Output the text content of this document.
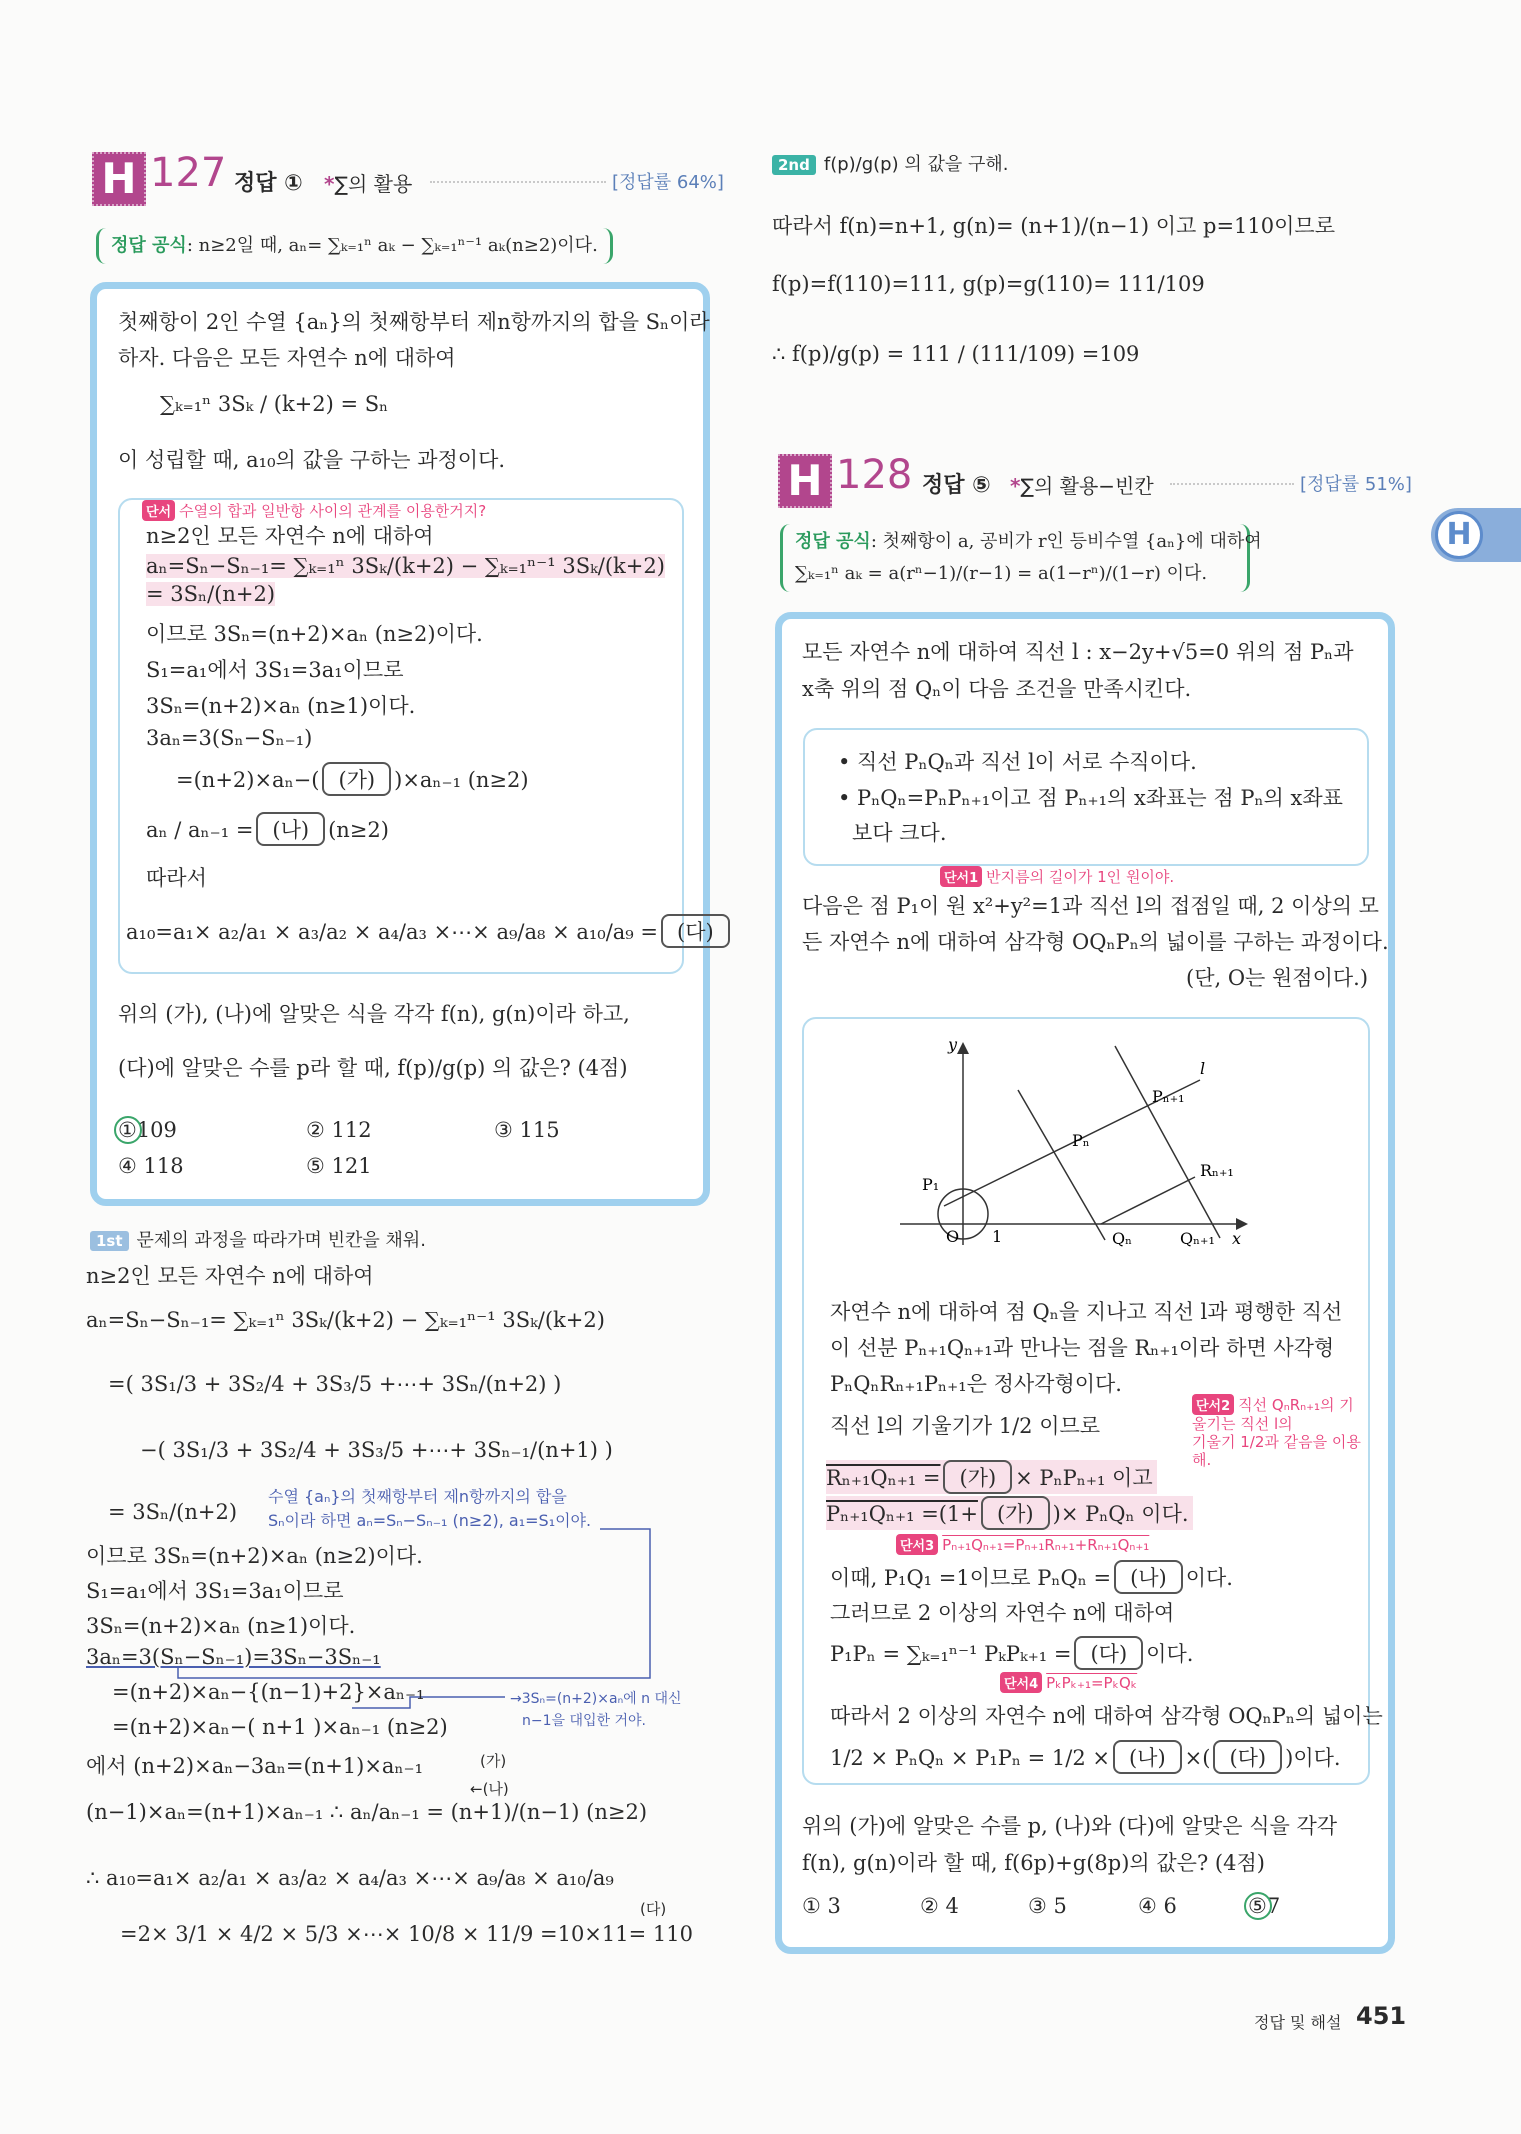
H 127 정답 ① *∑의 활용	[정답률 64%]
정답 공식: n≥2일 때, aₙ= ∑ₖ₌₁ⁿ aₖ − ∑ₖ₌₁ⁿ⁻¹ aₖ(n≥2)이다.
첫째항이 2인 수열 {aₙ}의 첫째항부터 제n항까지의 합을 Sₙ이라
하자. 다음은 모든 자연수 n에 대하여
∑ₖ₌₁ⁿ 3Sₖ / (k+2) = Sₙ
이 성립할 때, a₁₀의 값을 구하는 과정이다.
단서 수열의 합과 일반항 사이의 관계를 이용한거지?
n≥2인 모든 자연수 n에 대하여
aₙ=Sₙ−Sₙ₋₁= ∑ₖ₌₁ⁿ 3Sₖ/(k+2) − ∑ₖ₌₁ⁿ⁻¹ 3Sₖ/(k+2) = 3Sₙ/(n+2)
이므로 3Sₙ=(n+2)×aₙ (n≥2)이다.
S₁=a₁에서 3S₁=3a₁이므로
3Sₙ=(n+2)×aₙ (n≥1)이다.
3aₙ=3(Sₙ−Sₙ₋₁)
=(n+2)×aₙ−( (가) )×aₙ₋₁ (n≥2)
aₙ / aₙ₋₁ = (나) (n≥2)
따라서
a₁₀=a₁× a₂/a₁ × a₃/a₂ × a₄/a₃ ×⋯× a₉/a₈ × a₁₀/a₉ = (다)
위의 (가), (나)에 알맞은 식을 각각 f(n), g(n)이라 하고,
(다)에 알맞은 수를 p라 할 때, f(p)/g(p) 의 값은? (4점)
①109	② 112	③ 115
④ 118	⑤ 121
1st 문제의 과정을 따라가며 빈칸을 채워.
n≥2인 모든 자연수 n에 대하여
aₙ=Sₙ−Sₙ₋₁= ∑ₖ₌₁ⁿ 3Sₖ/(k+2) − ∑ₖ₌₁ⁿ⁻¹ 3Sₖ/(k+2)
=( 3S₁/3 + 3S₂/4 + 3S₃/5 +⋯+ 3Sₙ/(n+2) )
−( 3S₁/3 + 3S₂/4 + 3S₃/5 +⋯+ 3Sₙ₋₁/(n+1) )
= 3Sₙ/(n+2)
수열 {aₙ}의 첫째항부터 제n항까지의 합을
Sₙ이라 하면 aₙ=Sₙ−Sₙ₋₁ (n≥2), a₁=S₁이야.
이므로 3Sₙ=(n+2)×aₙ (n≥2)이다.
S₁=a₁에서 3S₁=3a₁이므로
3Sₙ=(n+2)×aₙ (n≥1)이다.
3aₙ=3(Sₙ−Sₙ₋₁)=3Sₙ−3Sₙ₋₁
=(n+2)×aₙ−{(n−1)+2}×aₙ₋₁	→3Sₙ=(n+2)×aₙ에 n 대신
n−1을 대입한 거야.
=(n+2)×aₙ−( n+1 )×aₙ₋₁ (n≥2)
에서 (n+2)×aₙ−3aₙ=(n+1)×aₙ₋₁	(가)
←(나)
(n−1)×aₙ=(n+1)×aₙ₋₁ ∴ aₙ/aₙ₋₁ = (n+1)/(n−1) (n≥2)
∴ a₁₀=a₁× a₂/a₁ × a₃/a₂ × a₄/a₃ ×⋯× a₉/a₈ × a₁₀/a₉
(다)
=2× 3/1 × 4/2 × 5/3 ×⋯× 10/8 × 11/9 =10×11= 110
2nd f(p)/g(p) 의 값을 구해.
따라서 f(n)=n+1, g(n)= (n+1)/(n−1) 이고 p=110이므로
f(p)=f(110)=111, g(p)=g(110)= 111/109
∴ f(p)/g(p) = 111 / (111/109) =109
H 128 정답 ⑤ *∑의 활용−빈칸	[정답률 51%]
정답 공식: 첫째항이 a, 공비가 r인 등비수열 {aₙ}에 대하여
∑ₖ₌₁ⁿ aₖ = a(rⁿ−1)/(r−1) = a(1−rⁿ)/(1−r) 이다.
H
모든 자연수 n에 대하여 직선 l : x−2y+√5=0 위의 점 Pₙ과
x축 위의 점 Qₙ이 다음 조건을 만족시킨다.
• 직선 PₙQₙ과 직선 l이 서로 수직이다.
• PₙQₙ=PₙPₙ₊₁이고 점 Pₙ₊₁의 x좌표는 점 Pₙ의 x좌표
보다 크다.
단서1 반지름의 길이가 1인 원이야.
다음은 점 P₁이 원 x²+y²=1과 직선 l의 접점일 때, 2 이상의 모
든 자연수 n에 대하여 삼각형 OQₙPₙ의 넓이를 구하는 과정이다.
(단, O는 원점이다.)
y
x
l
O 1
P₁
Pₙ
Pₙ₊₁
Rₙ₊₁
Qₙ	Qₙ₊₁
자연수 n에 대하여 점 Qₙ을 지나고 직선 l과 평행한 직선
이 선분 Pₙ₊₁Qₙ₊₁과 만나는 점을 Rₙ₊₁이라 하면 사각형
PₙQₙRₙ₊₁Pₙ₊₁은 정사각형이다.
직선 l의 기울기가 1/2 이므로
단서2 직선 QₙRₙ₊₁의 기울기는 직선 l의
기울기 1/2과 같음을 이용해.
Rₙ₊₁Qₙ₊₁ = (가) × PₙPₙ₊₁ 이고
Pₙ₊₁Qₙ₊₁ =(1+ (가) )× PₙQₙ 이다.
단서3 Pₙ₊₁Qₙ₊₁=Pₙ₊₁Rₙ₊₁+Rₙ₊₁Qₙ₊₁
이때, P₁Q₁ =1이므로 PₙQₙ = (나) 이다.
그러므로 2 이상의 자연수 n에 대하여
P₁Pₙ = ∑ₖ₌₁ⁿ⁻¹ PₖPₖ₊₁ = (다) 이다.
단서4 PₖPₖ₊₁=PₖQₖ
따라서 2 이상의 자연수 n에 대하여 삼각형 OQₙPₙ의 넓이는
1/2 × PₙQₙ × P₁Pₙ = 1/2 × (나) ×( (다) )이다.
위의 (가)에 알맞은 수를 p, (나)와 (다)에 알맞은 식을 각각
f(n), g(n)이라 할 때, f(6p)+g(8p)의 값은? (4점)
① 3	② 4	③ 5	④ 6	⑤7
정답 및 해설 451
